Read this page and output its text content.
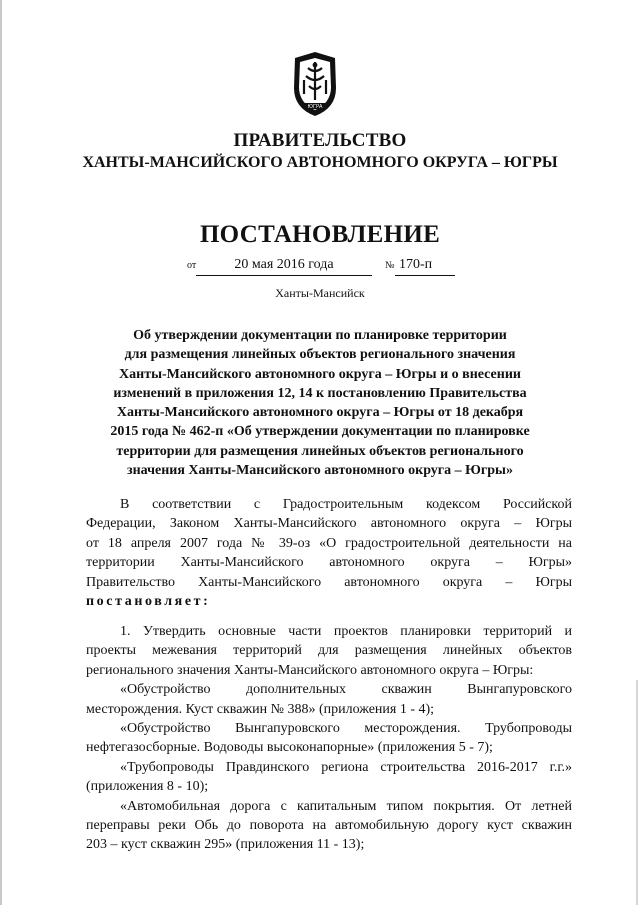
ЮГРА
ПРАВИТЕЛЬСТВО
ХАНТЫ-МАНСИЙСКОГО АВТОНОМНОГО ОКРУГА – ЮГРЫ
ПОСТАНОВЛЕНИЕ
от	20 мая 2016 года	№ 170-п
Ханты-Мансийск
Об утверждении документации по планировке территории
для размещения линейных объектов регионального значения
Ханты-Мансийского автономного округа – Югры и о внесении
изменений в приложения 12, 14 к постановлению Правительства
Ханты-Мансийского автономного округа – Югры от 18 декабря
2015 года № 462-п «Об утверждении документации по планировке
территории для размещения линейных объектов регионального
значения Ханты-Мансийского автономного округа – Югры»
В соответствии с Градостроительным кодексом Российской
Федерации, Законом Ханты-Мансийского автономного округа – Югры
от 18 апреля 2007 года № 39-оз «О градостроительной деятельности на
территории Ханты-Мансийского автономного округа – Югры»
Правительство Ханты-Мансийского автономного округа – Югры
постановляет:
1. Утвердить основные части проектов планировки территорий и
проекты межевания территорий для размещения линейных объектов
регионального значения Ханты-Мансийского автономного округа – Югры:
«Обустройство дополнительных скважин Вынгапуровского
месторождения. Куст скважин № 388» (приложения 1 - 4);
«Обустройство Вынгапуровского месторождения. Трубопроводы
нефтегазосборные. Водоводы высоконапорные» (приложения 5 - 7);
«Трубопроводы Правдинского региона строительства 2016-2017 г.г.»
(приложения 8 - 10);
«Автомобильная дорога с капитальным типом покрытия. От летней
переправы реки Обь до поворота на автомобильную дорогу куст скважин
203 – куст скважин 295» (приложения 11 - 13);
